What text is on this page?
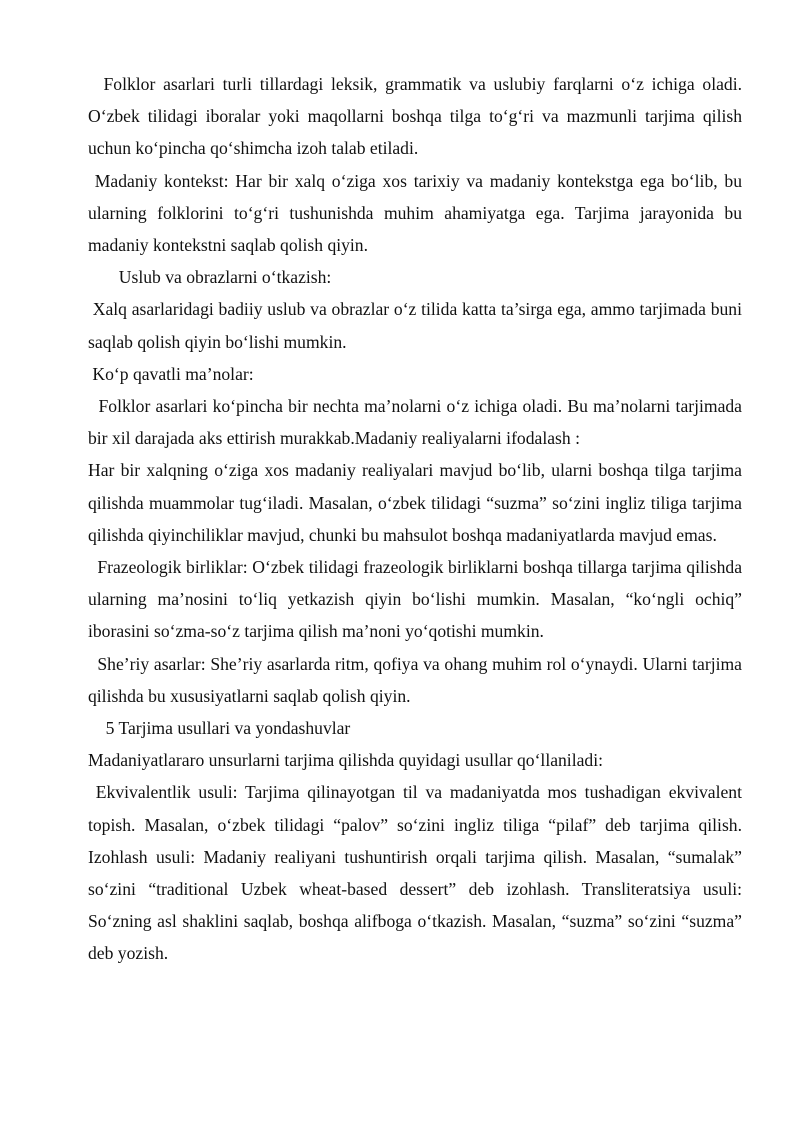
Folklor asarlari turli tillardagi leksik, grammatik va uslubiy farqlarni o‘z ichiga oladi. O‘zbek tilidagi iboralar yoki maqollarni boshqa tilga to‘g‘ri va mazmunli tarjima qilish uchun ko‘pincha qo‘shimcha izoh talab etiladi.

Madaniy kontekst: Har bir xalq o‘ziga xos tarixiy va madaniy kontekstga ega bo‘lib, bu ularning folklorini to‘g‘ri tushunishda muhim ahamiyatga ega. Tarjima jarayonida bu madaniy kontekstni saqlab qolish qiyin.

Uslub va obrazlarni o‘tkazish:

Xalq asarlaridagi badiiy uslub va obrazlar o‘z tilida katta ta’sirga ega, ammo tarjimada buni saqlab qolish qiyin bo‘lishi mumkin.

Ko‘p qavatli ma’nolar:

Folklor asarlari ko‘pincha bir nechta ma’nolarni o‘z ichiga oladi. Bu ma’nolarni tarjimada bir xil darajada aks ettirish murakkab.Madaniy realiyalarni ifodalash :

Har bir xalqning o‘ziga xos madaniy realiyalari mavjud bo‘lib, ularni boshqa tilga tarjima qilishda muammolar tug‘iladi. Masalan, o‘zbek tilidagi “suzma” so‘zini ingliz tiliga tarjima qilishda qiyinchiliklar mavjud, chunki bu mahsulot boshqa madaniyatlarda mavjud emas.

Frazeologik birliklar: O‘zbek tilidagi frazeologik birliklarni boshqa tillarga tarjima qilishda ularning ma’nosini to‘liq yetkazish qiyin bo‘lishi mumkin. Masalan, “ko‘ngli ochiq” iborasini so‘zma-so‘z tarjima qilish ma’noni yo‘qotishi mumkin.

She’riy asarlar: She’riy asarlarda ritm, qofiya va ohang muhim rol o‘ynaydi. Ularni tarjima qilishda bu xususiyatlarni saqlab qolish qiyin.

5 Tarjima usullari va yondashuvlar

Madaniyatlararo unsurlarni tarjima qilishda quyidagi usullar qo‘llaniladi:

Ekvivalentlik usuli: Tarjima qilinayotgan til va madaniyatda mos tushadigan ekvivalent topish. Masalan, o‘zbek tilidagi “palov” so‘zini ingliz tiliga “pilaf” deb tarjima qilish. Izohlash usuli: Madaniy realiyani tushuntirish orqali tarjima qilish. Masalan, “sumalak” so‘zini “traditional Uzbek wheat-based dessert” deb izohlash. Transliteratsiya usuli: So‘zning asl shaklini saqlab, boshqa alifboga o‘tkazish. Masalan, “suzma” so‘zini “suzma” deb yozish.
